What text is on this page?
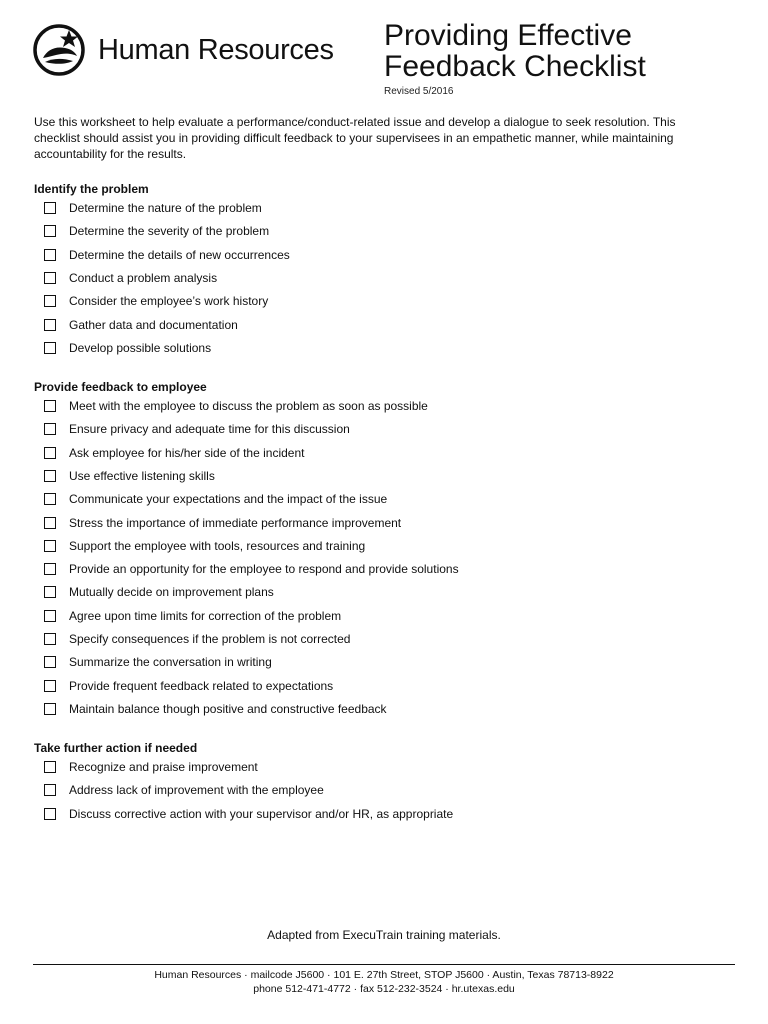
Human Resources Providing Effective
Feedback Checklist
Revised 5/2016
Use this worksheet to help evaluate a performance/conduct-related issue and develop a dialogue to seek resolution. This checklist should assist you in providing difficult feedback to your supervisees in an empathetic manner, while maintaining accountability for the results.
Identify the problem
Determine the nature of the problem
Determine the severity of the problem
Determine the details of new occurrences
Conduct a problem analysis
Consider the employee’s work history
Gather data and documentation
Develop possible solutions
Provide feedback to employee
Meet with the employee to discuss the problem as soon as possible
Ensure privacy and adequate time for this discussion
Ask employee for his/her side of the incident
Use effective listening skills
Communicate your expectations and the impact of the issue
Stress the importance of immediate performance improvement
Support the employee with tools, resources and training
Provide an opportunity for the employee to respond and provide solutions
Mutually decide on improvement plans
Agree upon time limits for correction of the problem
Specify consequences if the problem is not corrected
Summarize the conversation in writing
Provide frequent feedback related to expectations
Maintain balance though positive and constructive feedback
Take further action if needed
Recognize and praise improvement
Address lack of improvement with the employee
Discuss corrective action with your supervisor and/or HR, as appropriate
Adapted from ExecuTrain training materials.
Human Resources · mailcode J5600 · 101 E. 27th Street, STOP J5600 · Austin, Texas 78713-8922
phone 512-471-4772 · fax 512-232-3524 · hr.utexas.edu
